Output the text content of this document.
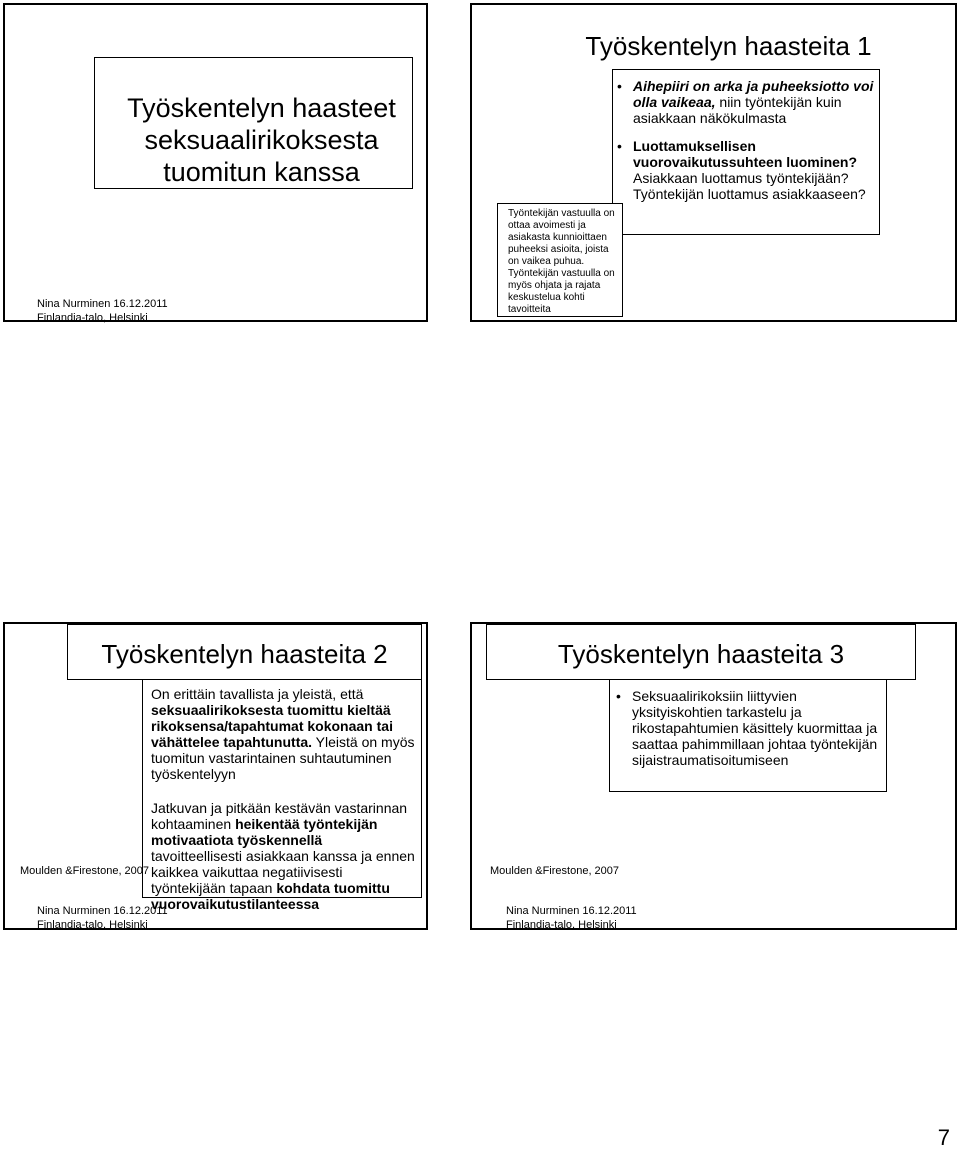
Työskentelyn haasteet seksuaalirikoksesta tuomitun kanssa
Nina Nurminen 16.12.2011
Finlandia-talo, Helsinki
Työskentelyn haasteita 1
• Aihepiiri on arka ja puheeksiotto voi olla vaikeaa, niin työntekijän kuin asiakkaan näkökulmasta
• Luottamuksellisen vuorovaikutussuhteen luominen? Asiakkaan luottamus työntekijään? Työntekijän luottamus asiakkaaseen?
Työntekijän vastuulla on ottaa avoimesti ja asiakasta kunnioittaen puheeksi asioita, joista on vaikea puhua. Työntekijän vastuulla on myös ohjata ja rajata keskustelua kohti tavoitteita
Työskentelyn haasteita 2

On erittäin tavallista ja yleistä, että seksuaalirikoksesta tuomittu kieltää rikoksensa/tapahtumat kokonaan tai vähättelee tapahtunutta. Yleistä on myös tuomitun vastarintainen suhtautuminen työskentelyyn

Jatkuvan ja pitkään kestävän vastarinnan kohtaaminen heikentää työntekijän motivaatiota työskennellä tavoitteellisesti asiakkaan kanssa ja ennen kaikkea vaikuttaa negatiivisesti työntekijään tapaan kohdata tuomittu vuorovaikutustilanteessa

Moulden &Firestone, 2007
Nina Nurminen 16.12.2011
Finlandia-talo, Helsinki
Työskentelyn haasteita 3
• Seksuaalirikoksiin liittyvien yksityiskohtien tarkastelu ja rikostapahtumien käsittely kuormittaa ja saattaa pahimmillaan johtaa työntekijän sijaistraumatisoitumiseen
Moulden &Firestone, 2007
Nina Nurminen 16.12.2011
Finlandia-talo, Helsinki
7
